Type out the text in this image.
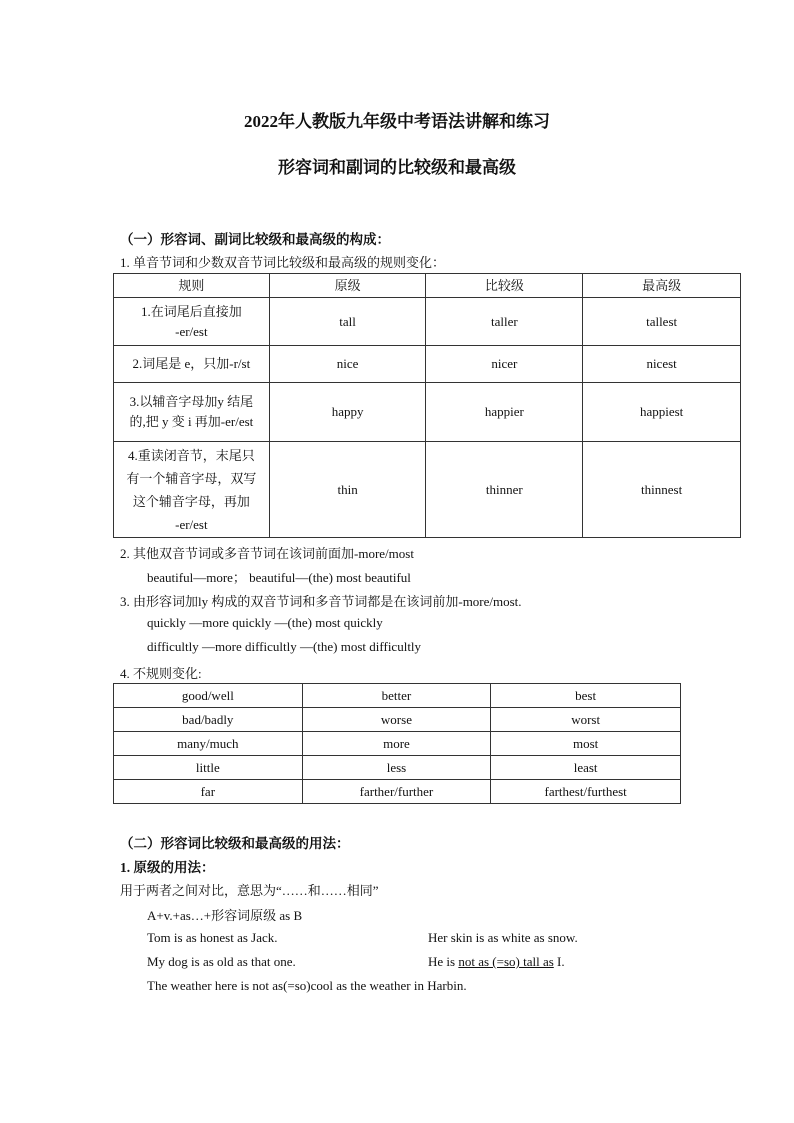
2022年人教版九年级中考语法讲解和练习
形容词和副词的比较级和最高级
（一）形容词、副词比较级和最高级的构成：
1. 单音节词和少数双音节词比较级和最高级的规则变化：
规则	原级	比较级	最高级

1.在词尾后直接加
-er/est	tall	taller	tallest

2.词尾是 e，只加-r/st	nice	nicer	nicest

3.以辅音字母加y 结尾
的,把 y 变 i 再加-er/est	happy	happier	happiest

4.重读闭音节，末尾只
有一个辅音字母，双写
这个辅音字母，再加
-er/est	thin	thinner	thinnest
2. 其他双音节词或多音节词在该词前面加-more/most
beautiful—more； beautiful—(the) most beautiful
3. 由形容词加ly 构成的双音节词和多音节词都是在该词前加-more/most.
quickly —more quickly —(the) most quickly
difficultly —more difficultly —(the) most difficultly
4. 不规则变化:
good/well	better	best
bad/badly	worse	worst
many/much	more	most
little	less	least
far	farther/further	farthest/furthest
（二）形容词比较级和最高级的用法：
1. 原级的用法：
用于两者之间对比，意思为“……和……相同”
A+v.+as…+形容词原级 as B
Tom is as honest as Jack.	Her skin is as white as snow.
My dog is as old as that one.	He is not as (=so) tall as I.
The weather here is not as(=so)cool as the weather in Harbin.
